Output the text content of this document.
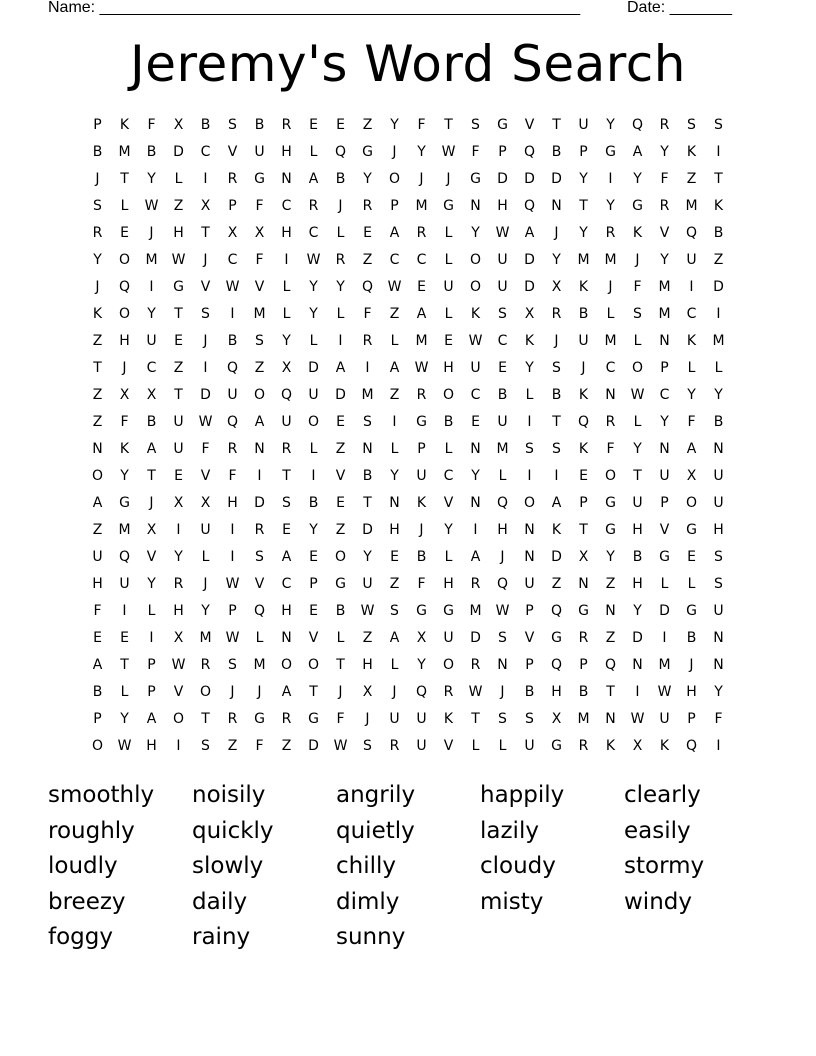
Name: ______________________________________________________	Date: _______
Jeremy's Word Search
P	K	F	X	B	S	B	R	E	E	Z	Y	F	T	S	G	V	T	U	Y	Q	R	S	S
B	M	B	D	C	V	U	H	L	Q	G	J	Y	W	F	P	Q	B	P	G	A	Y	K	I
J	T	Y	L	I	R	G	N	A	B	Y	O	J	J	G	D	D	D	Y	I	Y	F	Z	T
S	L	W	Z	X	P	F	C	R	J	R	P	M	G	N	H	Q	N	T	Y	G	R	M	K
R	E	J	H	T	X	X	H	C	L	E	A	R	L	Y	W	A	J	Y	R	K	V	Q	B
Y	O	M	W	J	C	F	I	W	R	Z	C	C	L	O	U	D	Y	M	M	J	Y	U	Z
J	Q	I	G	V	W	V	L	Y	Y	Q	W	E	U	O	U	D	X	K	J	F	M	I	D
K	O	Y	T	S	I	M	L	Y	L	F	Z	A	L	K	S	X	R	B	L	S	M	C	I
Z	H	U	E	J	B	S	Y	L	I	R	L	M	E	W	C	K	J	U	M	L	N	K	M
T	J	C	Z	I	Q	Z	X	D	A	I	A	W	H	U	E	Y	S	J	C	O	P	L	L
Z	X	X	T	D	U	O	Q	U	D	M	Z	R	O	C	B	L	B	K	N	W	C	Y	Y
Z	F	B	U	W	Q	A	U	O	E	S	I	G	B	E	U	I	T	Q	R	L	Y	F	B
N	K	A	U	F	R	N	R	L	Z	N	L	P	L	N	M	S	S	K	F	Y	N	A	N
O	Y	T	E	V	F	I	T	I	V	B	Y	U	C	Y	L	I	I	E	O	T	U	X	U
A	G	J	X	X	H	D	S	B	E	T	N	K	V	N	Q	O	A	P	G	U	P	O	U
Z	M	X	I	U	I	R	E	Y	Z	D	H	J	Y	I	H	N	K	T	G	H	V	G	H
U	Q	V	Y	L	I	S	A	E	O	Y	E	B	L	A	J	N	D	X	Y	B	G	E	S
H	U	Y	R	J	W	V	C	P	G	U	Z	F	H	R	Q	U	Z	N	Z	H	L	L	S
F	I	L	H	Y	P	Q	H	E	B	W	S	G	G	M	W	P	Q	G	N	Y	D	G	U
E	E	I	X	M	W	L	N	V	L	Z	A	X	U	D	S	V	G	R	Z	D	I	B	N
A	T	P	W	R	S	M	O	O	T	H	L	Y	O	R	N	P	Q	P	Q	N	M	J	N
B	L	P	V	O	J	J	A	T	J	X	J	Q	R	W	J	B	H	B	T	I	W	H	Y
P	Y	A	O	T	R	G	R	G	F	J	U	U	K	T	S	S	X	M	N	W	U	P	F
O	W	H	I	S	Z	F	Z	D	W	S	R	U	V	L	L	U	G	R	K	X	K	Q	I
smoothly	noisily	angrily	happily	clearly
roughly	quickly	quietly	lazily	easily
loudly	slowly	chilly	cloudy	stormy
breezy	daily	dimly	misty	windy
foggy	rainy	sunny
